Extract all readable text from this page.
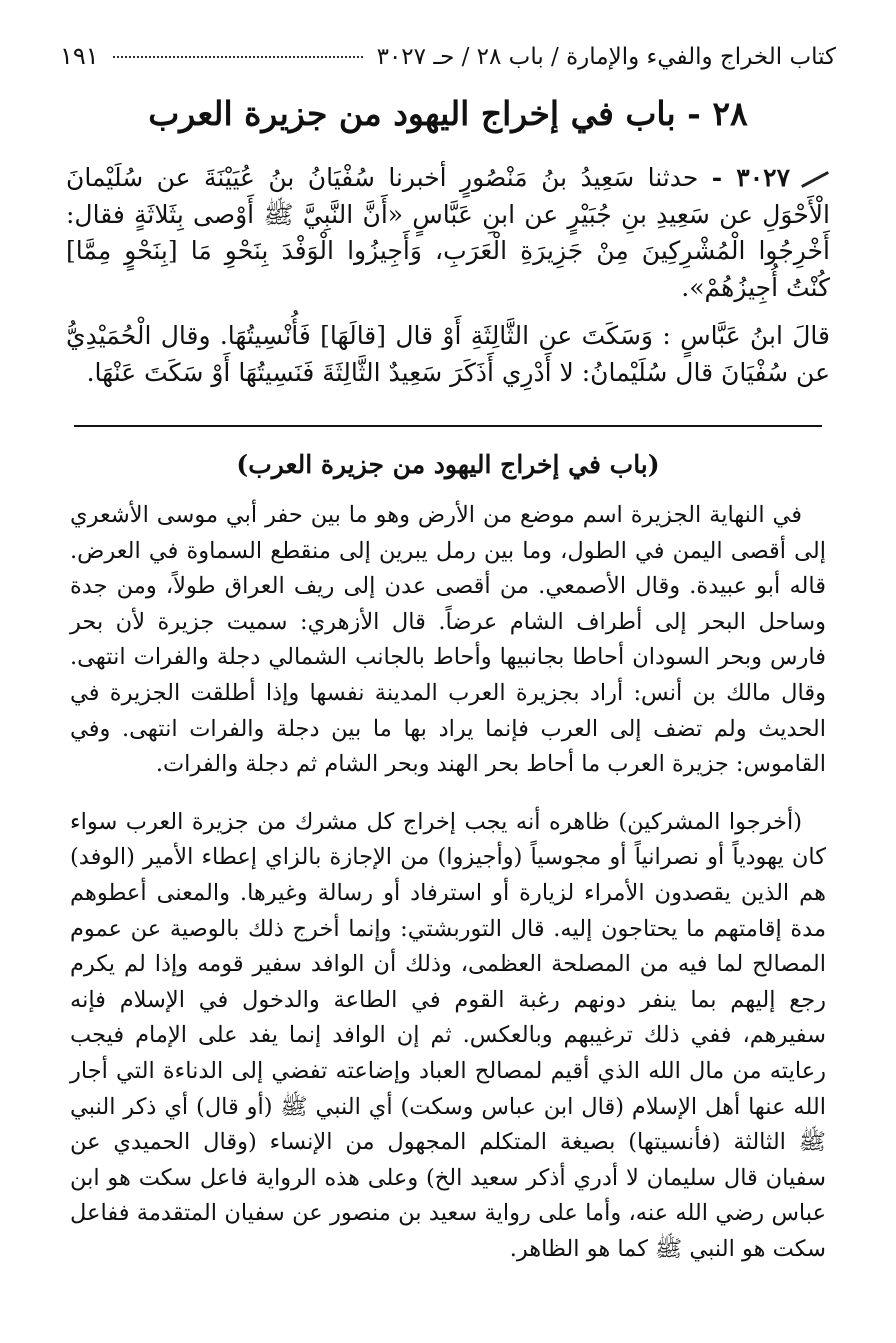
كتاب الخراج والفيء والإمارة / باب ٢٨ / حـ ٣٠٢٧
١٩١
٢٨ - باب في إخراج اليهود من جزيرة العرب

٣٠٢٧ - حدثنا سَعِيدُ بنُ مَنْصُورٍ أخبرنا سُفْيَانُ بنُ عُيَيْنَةَ عن سُلَيْمانَ الْأَحْوَلِ عن سَعِيدِ بنِ جُبَيْرٍ عن ابنِ عَبَّاسٍ «أَنَّ النَّبِيَّ ﷺ أَوْصى بِثَلاثَةٍ فقال: أَخْرِجُوا الْمُشْرِكِينَ مِنْ جَزِيرَةِ الْعَرَبِ، وَأَجِيزُوا الْوَفْدَ بِنَحْوِ مَا [بِنَحْوٍ مِمَّا] كُنْتُ أُجِيزُهُمْ».

قالَ ابنُ عَبَّاسٍ : وَسَكَتَ عن الثَّالِثَةِ أَوْ قال [قالَهَا] فَأُنْسِيتُهَا. وقال الْحُمَيْدِيُّ عن سُفْيَانَ قال سُلَيْمانُ: لا أَدْرِي أَذَكَرَ سَعِيدٌ الثَّالِثَةَ فَنَسِيتُهَا أَوْ سَكَتَ عَنْهَا.

(باب في إخراج اليهود من جزيرة العرب)

في النهاية الجزيرة اسم موضع من الأرض وهو ما بين حفر أبي موسى الأشعري إلى أقصى اليمن في الطول، وما بين رمل يبرين إلى منقطع السماوة في العرض. قاله أبو عبيدة. وقال الأصمعي. من أقصى عدن إلى ريف العراق طولاً، ومن جدة وساحل البحر إلى أطراف الشام عرضاً. قال الأزهري: سميت جزيرة لأن بحر فارس وبحر السودان أحاطا بجانبيها وأحاط بالجانب الشمالي دجلة والفرات انتهى. وقال مالك بن أنس: أراد بجزيرة العرب المدينة نفسها وإذا أطلقت الجزيرة في الحديث ولم تضف إلى العرب فإنما يراد بها ما بين دجلة والفرات انتهى. وفي القاموس: جزيرة العرب ما أحاط بحر الهند وبحر الشام ثم دجلة والفرات.

(أخرجوا المشركين) ظاهره أنه يجب إخراج كل مشرك من جزيرة العرب سواء كان يهودياً أو نصرانياً أو مجوسياً (وأجيزوا) من الإجازة بالزاي إعطاء الأمير (الوفد) هم الذين يقصدون الأمراء لزيارة أو استرفاد أو رسالة وغيرها. والمعنى أعطوهم مدة إقامتهم ما يحتاجون إليه. قال التوربشتي: وإنما أخرج ذلك بالوصية عن عموم المصالح لما فيه من المصلحة العظمى، وذلك أن الوافد سفير قومه وإذا لم يكرم رجع إليهم بما ينفر دونهم رغبة القوم في الطاعة والدخول في الإسلام فإنه سفيرهم، ففي ذلك ترغيبهم وبالعكس. ثم إن الوافد إنما يفد على الإمام فيجب رعايته من مال الله الذي أقيم لمصالح العباد وإضاعته تفضي إلى الدناءة التي أجار الله عنها أهل الإسلام (قال ابن عباس وسكت) أي النبي ﷺ (أو قال) أي ذكر النبي ﷺ الثالثة (فأنسيتها) بصيغة المتكلم المجهول من الإنساء (وقال الحميدي عن سفيان قال سليمان لا أدري أذكر سعيد الخ) وعلى هذه الرواية فاعل سكت هو ابن عباس رضي الله عنه، وأما على رواية سعيد بن منصور عن سفيان المتقدمة ففاعل سكت هو النبي ﷺ كما هو الظاهر.
